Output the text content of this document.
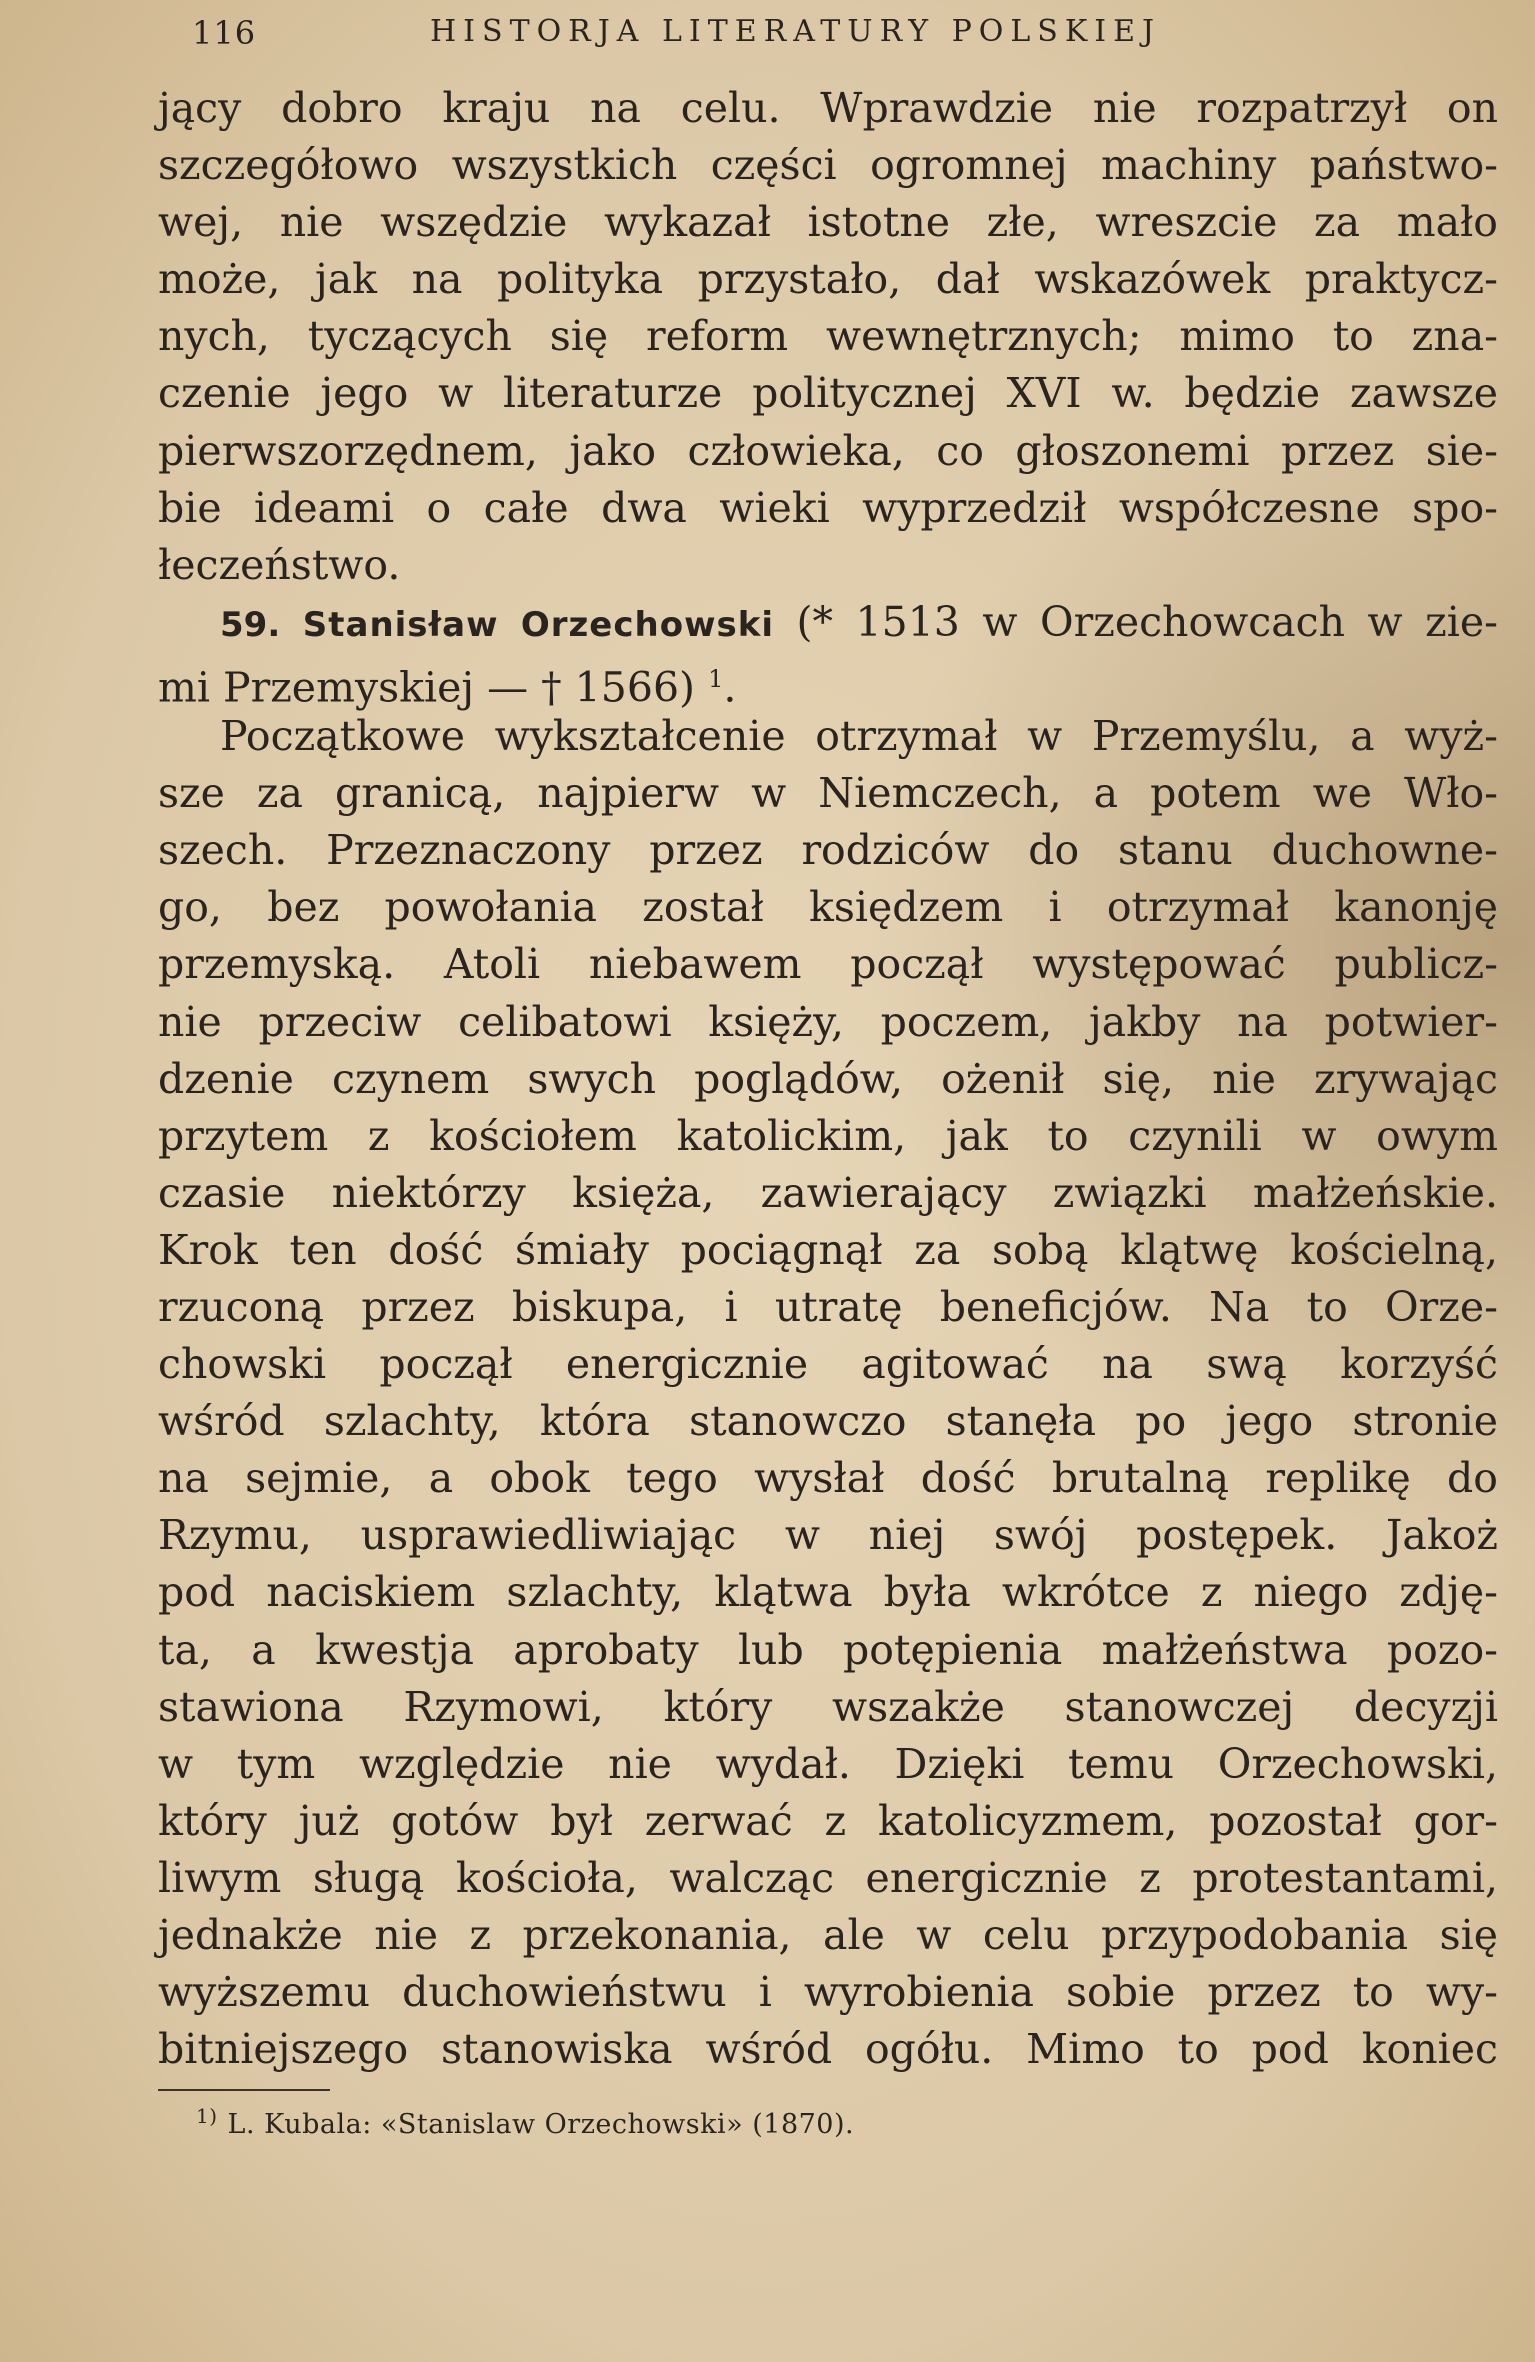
116	HISTORJA LITERATURY POLSKIEJ
jący dobro kraju na celu. Wprawdzie nie rozpatrzył on
szczegółowo wszystkich części ogromnej machiny państwo-
wej, nie wszędzie wykazał istotne złe, wreszcie za mało
może, jak na polityka przystało, dał wskazówek praktycz-
nych, tyczących się reform wewnętrznych; mimo to zna-
czenie jego w literaturze politycznej XVI w. będzie zawsze
pierwszorzędnem, jako człowieka, co głoszonemi przez sie-
bie ideami o całe dwa wieki wyprzedził współczesne spo-
łeczeństwo.
59. Stanisław Orzechowski (* 1513 w Orzechowcach w zie-
mi Przemyskiej — † 1566) $^1$.
Początkowe wykształcenie otrzymał w Przemyślu, a wyż-
sze za granicą, najpierw w Niemczech, a potem we Wło-
szech. Przeznaczony przez rodziców do stanu duchowne-
go, bez powołania został księdzem i otrzymał kanonję
przemyską. Atoli niebawem począł występować publicz-
nie przeciw celibatowi księży, poczem, jakby na potwier-
dzenie czynem swych poglądów, ożenił się, nie zrywając
przytem z kościołem katolickim, jak to czynili w owym
czasie niektórzy księża, zawierający związki małżeńskie.
Krok ten dość śmiały pociągnął za sobą klątwę kościelną,
rzuconą przez biskupa, i utratę beneficjów. Na to Orze-
chowski począł energicznie agitować na swą korzyść
wśród szlachty, która stanowczo stanęła po jego stronie
na sejmie, a obok tego wysłał dość brutalną replikę do
Rzymu, usprawiedliwiając w niej swój postępek. Jakoż
pod naciskiem szlachty, klątwa była wkrótce z niego zdję-
ta, a kwestja aprobaty lub potępienia małżeństwa pozo-
stawiona Rzymowi, który wszakże stanowczej decyzji
w tym względzie nie wydał. Dzięki temu Orzechowski,
który już gotów był zerwać z katolicyzmem, pozostał gor-
liwym sługą kościoła, walcząc energicznie z protestantami,
jednakże nie z przekonania, ale w celu przypodobania się
wyższemu duchowieństwu i wyrobienia sobie przez to wy-
bitniejszego stanowiska wśród ogółu. Mimo to pod koniec
$^{1)}$ L. Kubala: «Stanislaw Orzechowski» (1870).
